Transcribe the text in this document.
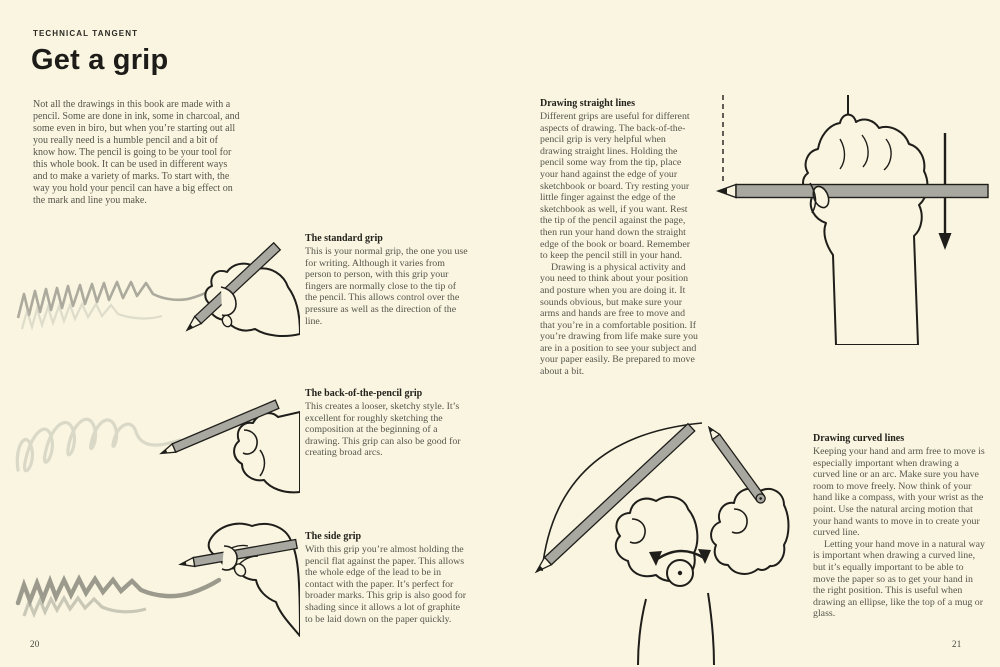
TECHNICAL TANGENT
Get a grip
Not all the drawings in this book are made with a pencil. Some are done in ink, some in charcoal, and some even in biro, but when you’re starting out all you really need is a humble pencil and a bit of know how. The pencil is going to be your tool for this whole book. It can be used in different ways and to make a variety of marks. To start with, the way you hold your pencil can have a big effect on the mark and line you make.
The standard grip
This is your normal grip, the one you use for writing. Although it varies from person to person, with this grip your fingers are normally close to the tip of the pencil. This allows control over the pressure as well as the direction of the line.
The back-of-the-pencil grip
This creates a looser, sketchy style. It’s excellent for roughly sketching the composition at the beginning of a drawing. This grip can also be good for creating broad arcs.
The side grip
With this grip you’re almost holding the pencil flat against the paper. This allows the whole edge of the lead to be in contact with the paper. It’s perfect for broader marks. This grip is also good for shading since it allows a lot of graphite to be laid down on the paper quickly.
20
Drawing straight lines
Different grips are useful for different aspects of drawing. The back-of-the-pencil grip is very helpful when drawing straight lines. Holding the pencil some way from the tip, place your hand against the edge of your sketchbook or board. Try resting your little finger against the edge of the sketchbook as well, if you want. Rest the tip of the pencil against the page, then run your hand down the straight edge of the book or board. Remember to keep the pencil still in your hand.
Drawing is a physical activity and you need to think about your position and posture when you are doing it. It sounds obvious, but make sure your arms and hands are free to move and that you’re in a comfortable position. If you’re drawing from life make sure you are in a position to see your subject and your paper easily. Be prepared to move about a bit.
Drawing curved lines
Keeping your hand and arm free to move is especially important when drawing a curved line or an arc. Make sure you have room to move freely. Now think of your hand like a compass, with your wrist as the point. Use the natural arcing motion that your hand wants to move in to create your curved line.
Letting your hand move in a natural way is important when drawing a curved line, but it’s equally important to be able to move the paper so as to get your hand in the right position. This is useful when drawing an ellipse, like the top of a mug or glass.
21
